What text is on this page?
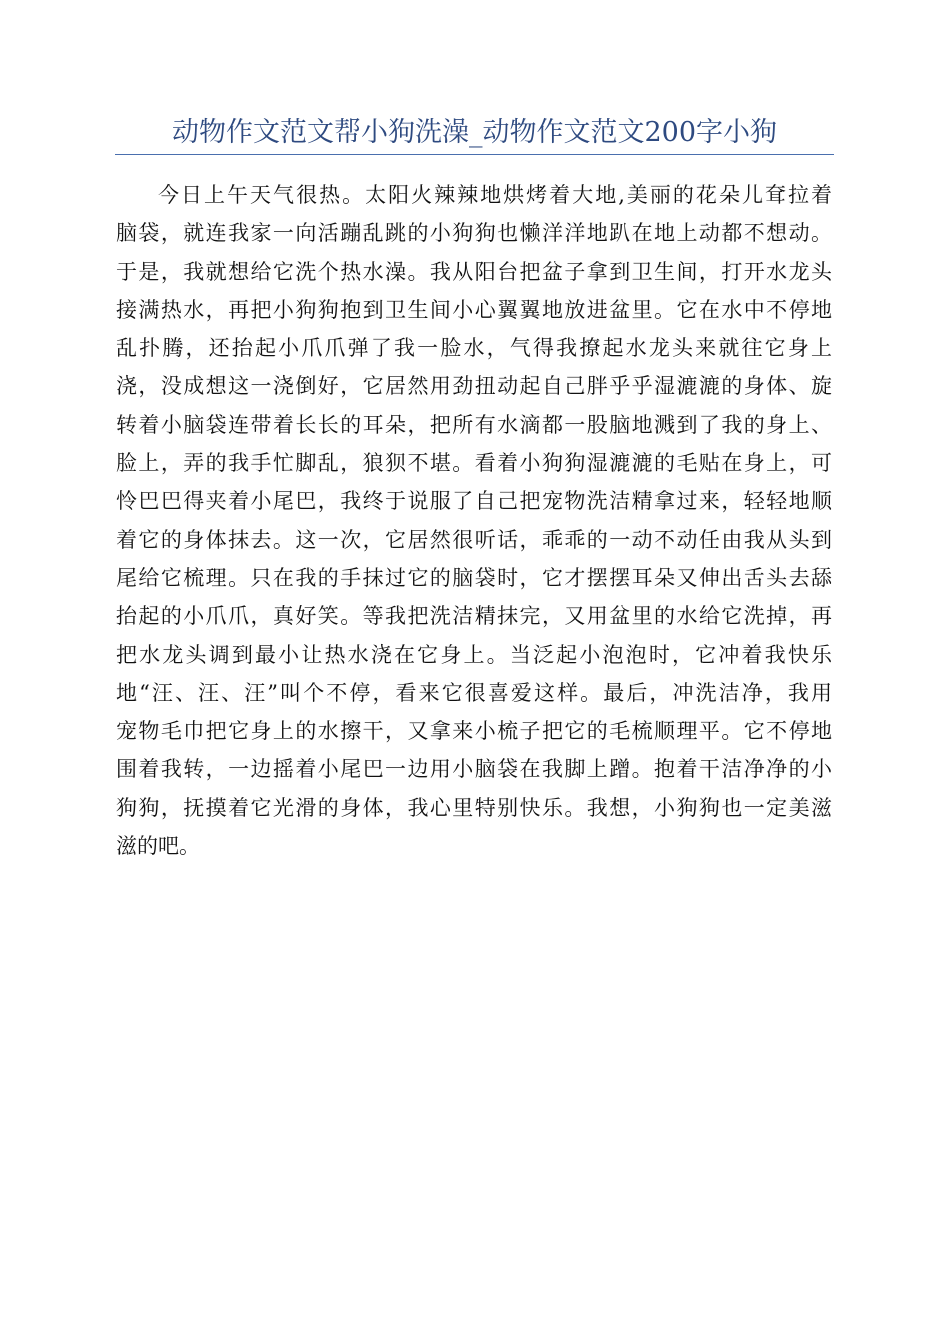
动物作文范文帮小狗洗澡_动物作文范文200字小狗
今日上午天气很热。太阳火辣辣地烘烤着大地,美丽的花朵儿耷拉着
脑袋，就连我家一向活蹦乱跳的小狗狗也懒洋洋地趴在地上动都不想动。
于是，我就想给它洗个热水澡。我从阳台把盆子拿到卫生间，打开水龙头
接满热水，再把小狗狗抱到卫生间小心翼翼地放进盆里。它在水中不停地
乱扑腾，还抬起小爪爪弹了我一脸水，气得我撩起水龙头来就往它身上
浇，没成想这一浇倒好，它居然用劲扭动起自己胖乎乎湿漉漉的身体、旋
转着小脑袋连带着长长的耳朵，把所有水滴都一股脑地溅到了我的身上、
脸上，弄的我手忙脚乱，狼狈不堪。看着小狗狗湿漉漉的毛贴在身上，可
怜巴巴得夹着小尾巴，我终于说服了自己把宠物洗洁精拿过来，轻轻地顺
着它的身体抹去。这一次，它居然很听话，乖乖的一动不动任由我从头到
尾给它梳理。只在我的手抹过它的脑袋时，它才摆摆耳朵又伸出舌头去舔
抬起的小爪爪，真好笑。等我把洗洁精抹完，又用盆里的水给它洗掉，再
把水龙头调到最小让热水浇在它身上。当泛起小泡泡时，它冲着我快乐
地“汪、汪、汪”叫个不停，看来它很喜爱这样。最后，冲洗洁净，我用
宠物毛巾把它身上的水擦干，又拿来小梳子把它的毛梳顺理平。它不停地
围着我转，一边摇着小尾巴一边用小脑袋在我脚上蹭。抱着干洁净净的小
狗狗，抚摸着它光滑的身体，我心里特别快乐。我想，小狗狗也一定美滋
滋的吧。
